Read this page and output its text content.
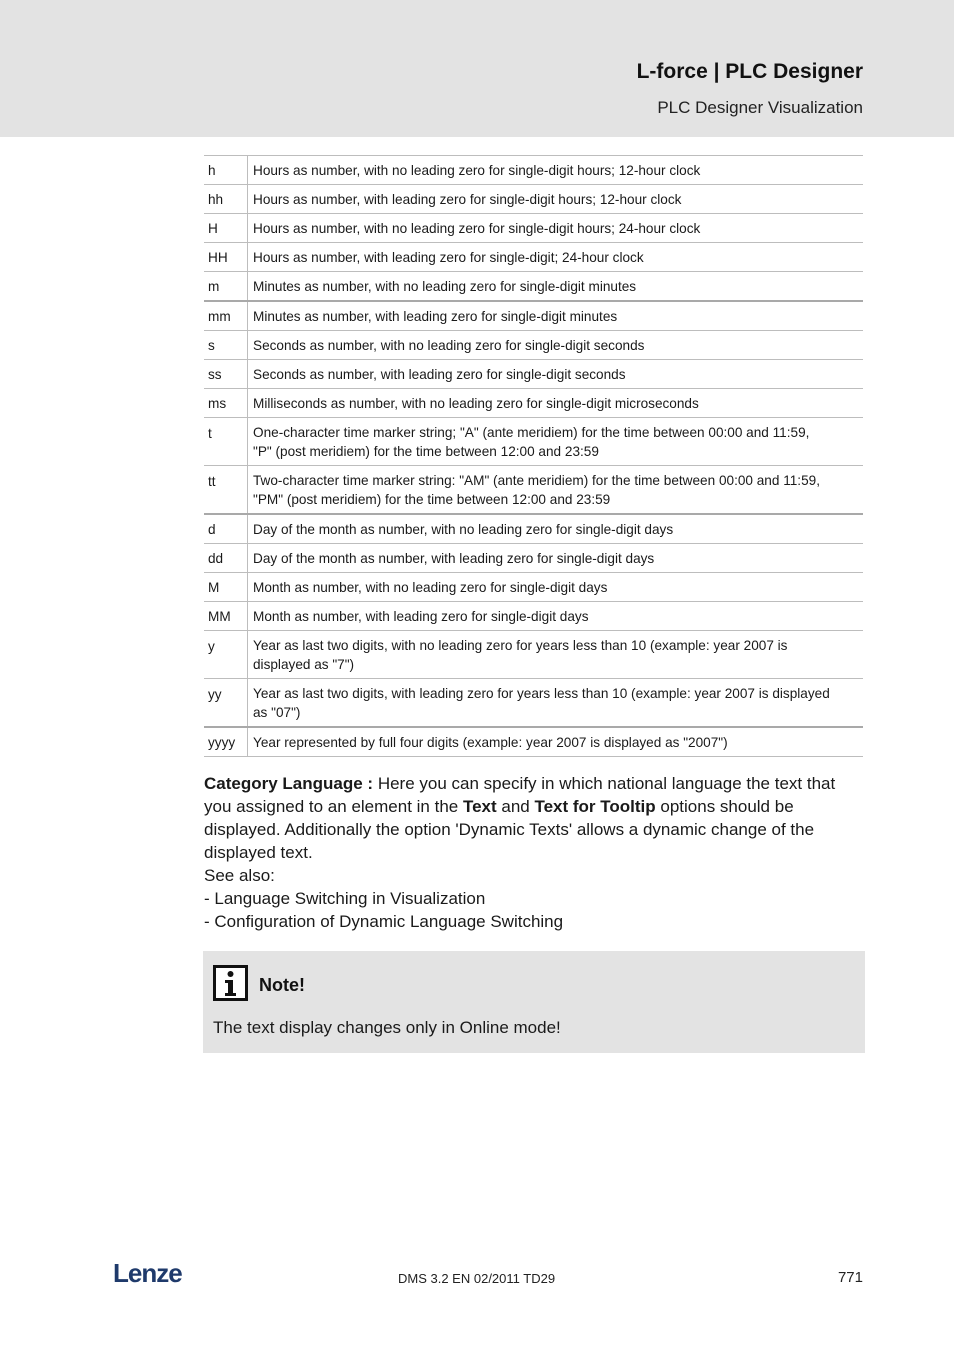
L-force | PLC Designer
PLC Designer Visualization
h	Hours as number, with no leading zero for single-digit hours; 12-hour clock
hh	Hours as number, with leading zero for single-digit hours; 12-hour clock
H	Hours as number, with no leading zero for single-digit hours; 24-hour clock
HH	Hours as number, with leading zero for single-digit; 24-hour clock
m	Minutes as number, with no leading zero for single-digit minutes
mm	Minutes as number, with leading zero for single-digit minutes
s	Seconds as number, with no leading zero for single-digit seconds
ss	Seconds as number, with leading zero for single-digit seconds
ms	Milliseconds as number, with no leading zero for single-digit microseconds
t	One-character time marker string; "A" (ante meridiem) for the time between 00:00 and 11:59,
"P" (post meridiem) for the time between 12:00 and 23:59

tt	Two-character time marker string: "AM" (ante meridiem) for the time between 00:00 and 11:59,
"PM" (post meridiem) for the time between 12:00 and 23:59

d	Day of the month as number, with no leading zero for single-digit days
dd	Day of the month as number, with leading zero for single-digit days
M	Month as number, with no leading zero for single-digit days
MM	Month as number, with leading zero for single-digit days
y	Year as last two digits, with no leading zero for years less than 10 (example: year 2007 is
displayed as "7")

yy	Year as last two digits, with leading zero for years less than 10 (example: year 2007 is displayed
as "07")

yyyy	Year represented by full four digits (example: year 2007 is displayed as "2007")

Category Language : Here you can specify in which national language the text that you assigned to an element in the Text and Text for Tooltip options should be displayed. Additionally the option 'Dynamic Texts' allows a dynamic change of the displayed text.

See also:

- Language Switching in Visualization

- Configuration of Dynamic Language Switching

Note!
The text display changes only in Online mode!
Lenze	DMS 3.2 EN 02/2011 TD29	771
